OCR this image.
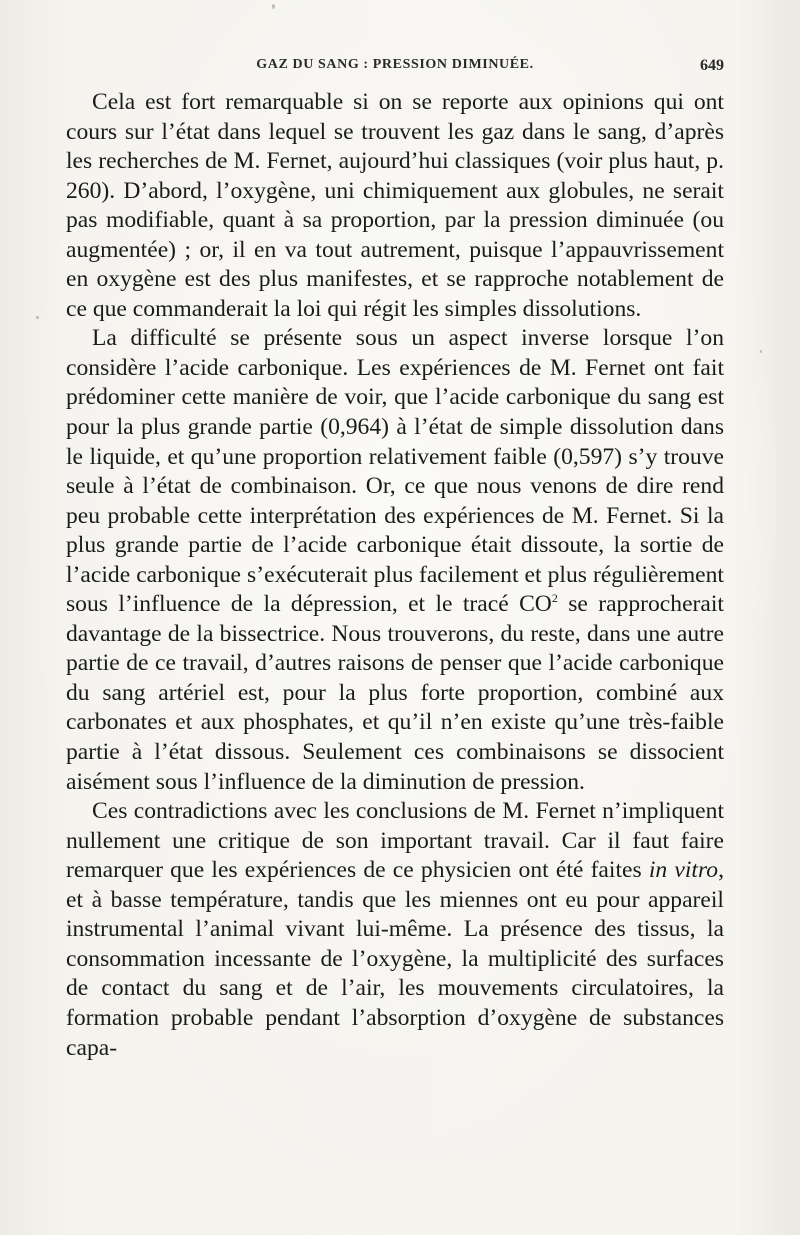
GAZ DU SANG : PRESSION DIMINUÉE.	649

Cela est fort remarquable si on se reporte aux opinions qui ont cours sur l’état dans lequel se trouvent les gaz dans le sang, d’après les recherches de M. Fernet, aujourd’hui classiques (voir plus haut, p. 260). D’abord, l’oxygène, uni chimiquement aux globules, ne serait pas modifiable, quant à sa proportion, par la pression diminuée (ou augmentée) ; or, il en va tout autrement, puisque l’appauvrissement en oxygène est des plus manifestes, et se rapproche notablement de ce que commanderait la loi qui régit les simples dissolutions.

La difficulté se présente sous un aspect inverse lorsque l’on considère l’acide carbonique. Les expériences de M. Fernet ont fait prédominer cette manière de voir, que l’acide carbonique du sang est pour la plus grande partie (0,964) à l’état de simple dissolution dans le liquide, et qu’une proportion relativement faible (0,597) s’y trouve seule à l’état de combinaison. Or, ce que nous venons de dire rend peu probable cette interprétation des expériences de M. Fernet. Si la plus grande partie de l’acide carbonique était dissoute, la sortie de l’acide carbonique s’exécuterait plus facilement et plus régulièrement sous l’influence de la dépression, et le tracé $CO^2$ se rapprocherait davantage de la bissectrice. Nous trouverons, du reste, dans une autre partie de ce travail, d’autres raisons de penser que l’acide carbonique du sang artériel est, pour la plus forte proportion, combiné aux carbonates et aux phosphates, et qu’il n’en existe qu’une très-faible partie à l’état dissous. Seulement ces combinaisons se dissocient aisément sous l’influence de la diminution de pression.

Ces contradictions avec les conclusions de M. Fernet n’impliquent nullement une critique de son important travail. Car il faut faire remarquer que les expériences de ce physicien ont été faites in vitro, et à basse température, tandis que les miennes ont eu pour appareil instrumental l’animal vivant lui-même. La présence des tissus, la consommation incessante de l’oxygène, la multiplicité des surfaces de contact du sang et de l’air, les mouvements circulatoires, la formation probable pendant l’absorption d’oxygène de substances capa-
